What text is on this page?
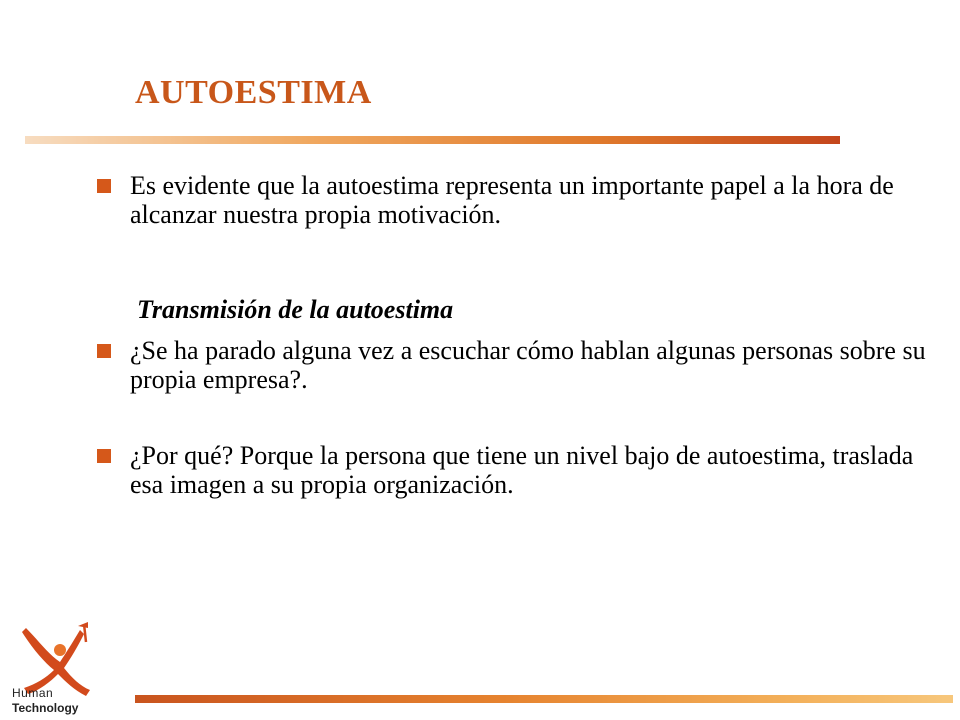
AUTOESTIMA
Es evidente que la autoestima representa un importante papel a la hora de alcanzar nuestra propia motivación.
Transmisión de la autoestima
¿Se ha parado alguna vez a escuchar cómo hablan algunas personas sobre su propia empresa?.
¿Por qué? Porque la persona que tiene un nivel bajo de autoestima, traslada esa imagen a su propia organización.
Human
Technology
